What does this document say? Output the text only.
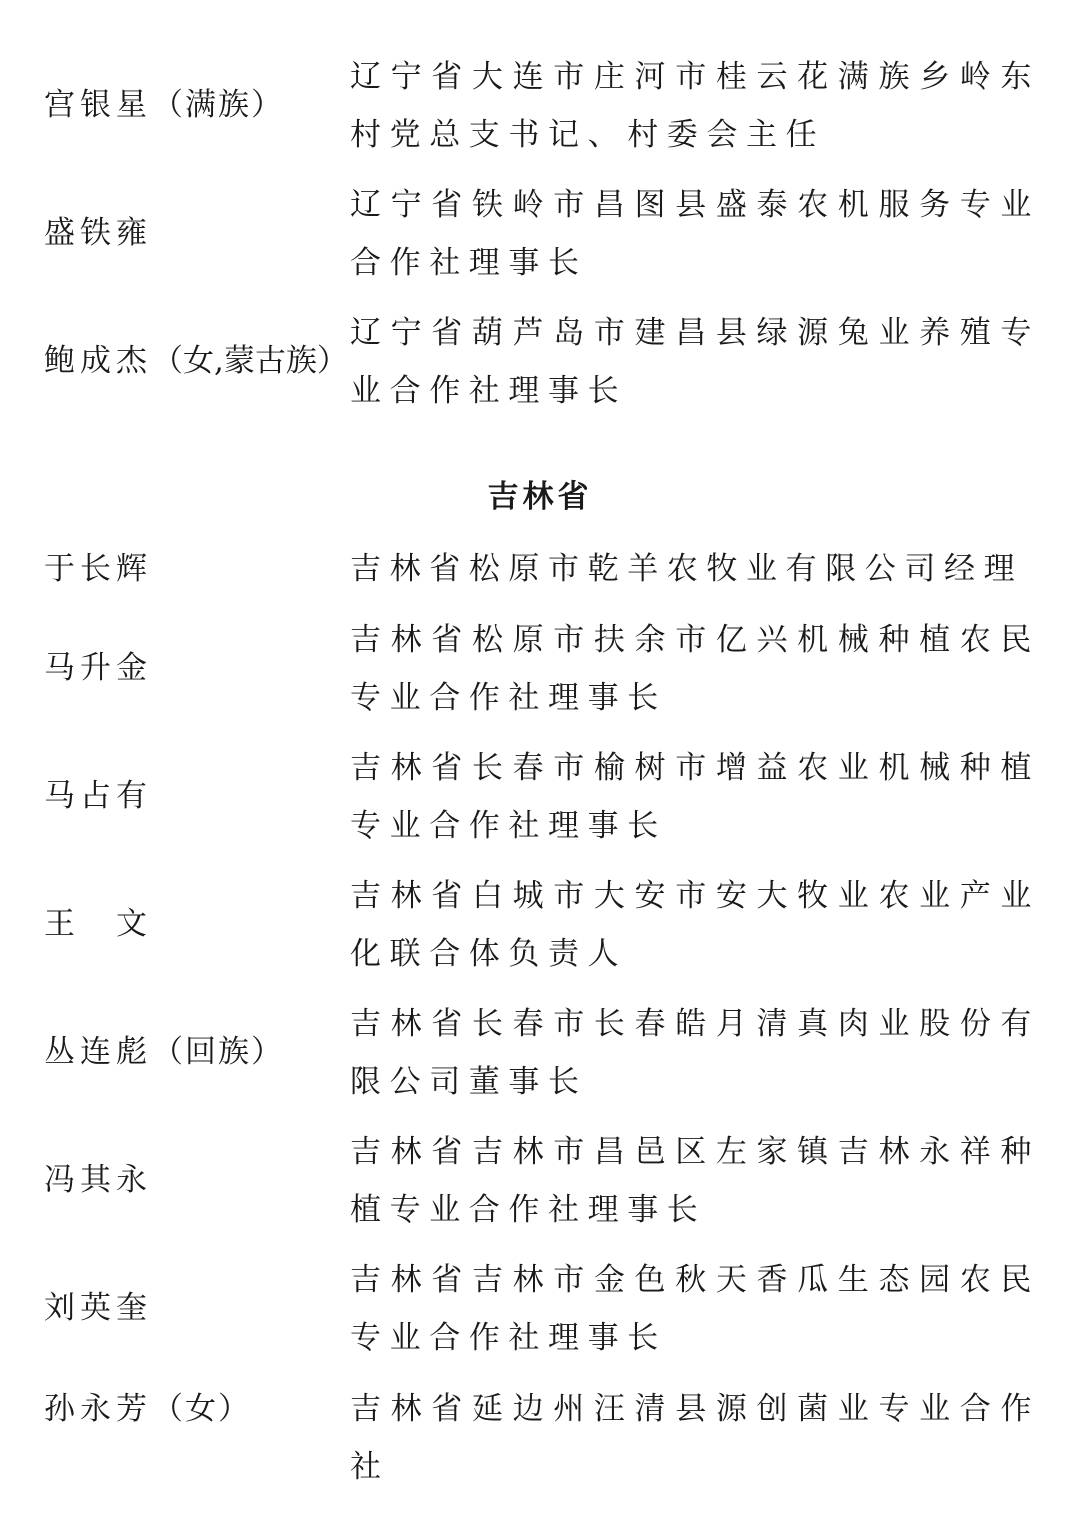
宫银星（满族）
辽宁省大连市庄河市桂云花满族乡岭东村党总支书记、村委会主任
盛铁雍
辽宁省铁岭市昌图县盛泰农机服务专业合作社理事长
鲍成杰（女,蒙古族）
辽宁省葫芦岛市建昌县绿源兔业养殖专业合作社理事长
吉林省
于长辉	吉林省松原市乾羊农牧业有限公司经理
马升金
吉林省松原市扶余市亿兴机械种植农民专业合作社理事长
马占有
吉林省长春市榆树市增益农业机械种植专业合作社理事长
王　文
吉林省白城市大安市安大牧业农业产业化联合体负责人
丛连彪（回族）
吉林省长春市长春皓月清真肉业股份有限公司董事长
冯其永
吉林省吉林市昌邑区左家镇吉林永祥种植专业合作社理事长
刘英奎
吉林省吉林市金色秋天香瓜生态园农民专业合作社理事长
孙永芳（女）	吉林省延边州汪清县源创菌业专业合作社
